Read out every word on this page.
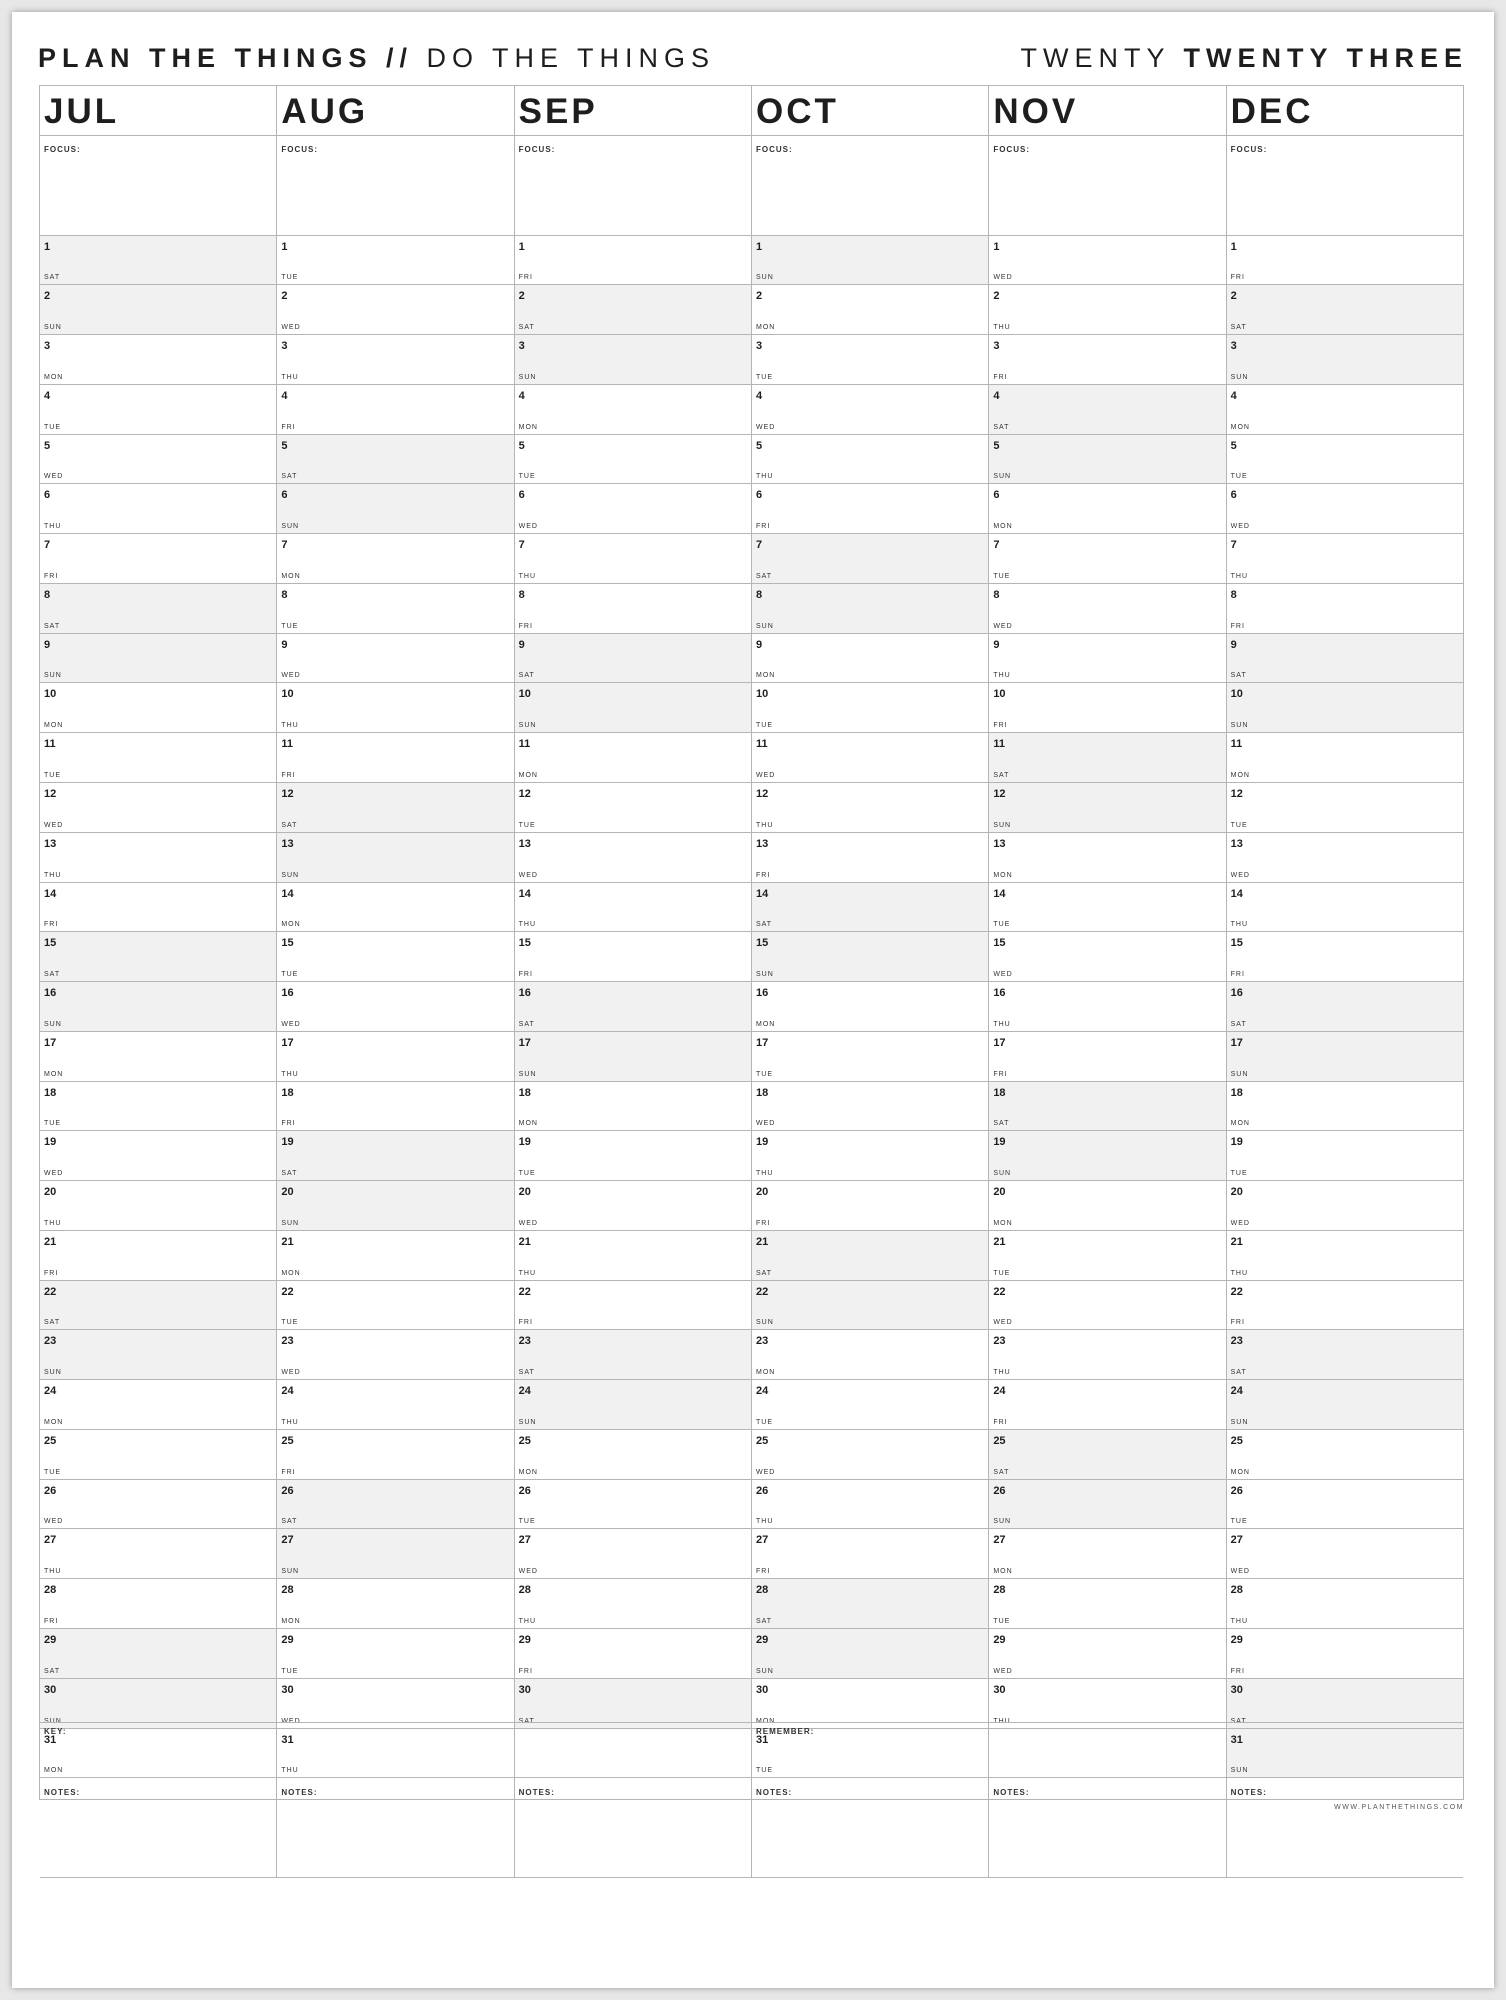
PLAN THE THINGS // DO THE THINGS	TWENTY TWENTY THREE
JUL
FOCUS:
1
SAT
2
SUN
3
MON
4
TUE
5
WED
6
THU
7
FRI
8
SAT
9
SUN
10
MON
11
TUE
12
WED
13
THU
14
FRI
15
SAT
16
SUN
17
MON
18
TUE
19
WED
20
THU
21
FRI
22
SAT
23
SUN
24
MON
25
TUE
26
WED
27
THU
28
FRI
29
SAT
30
SUN
31
MON
NOTES:
AUG
FOCUS:
1
TUE
2
WED
3
THU
4
FRI
5
SAT
6
SUN
7
MON
8
TUE
9
WED
10
THU
11
FRI
12
SAT
13
SUN
14
MON
15
TUE
16
WED
17
THU
18
FRI
19
SAT
20
SUN
21
MON
22
TUE
23
WED
24
THU
25
FRI
26
SAT
27
SUN
28
MON
29
TUE
30
WED
31
THU
NOTES:
SEP
FOCUS:
1
FRI
2
SAT
3
SUN
4
MON
5
TUE
6
WED
7
THU
8
FRI
9
SAT
10
SUN
11
MON
12
TUE
13
WED
14
THU
15
FRI
16
SAT
17
SUN
18
MON
19
TUE
20
WED
21
THU
22
FRI
23
SAT
24
SUN
25
MON
26
TUE
27
WED
28
THU
29
FRI
30
SAT
NOTES:
OCT
FOCUS:
1
SUN
2
MON
3
TUE
4
WED
5
THU
6
FRI
7
SAT
8
SUN
9
MON
10
TUE
11
WED
12
THU
13
FRI
14
SAT
15
SUN
16
MON
17
TUE
18
WED
19
THU
20
FRI
21
SAT
22
SUN
23
MON
24
TUE
25
WED
26
THU
27
FRI
28
SAT
29
SUN
30
MON
31
TUE
NOTES:
NOV
FOCUS:
1
WED
2
THU
3
FRI
4
SAT
5
SUN
6
MON
7
TUE
8
WED
9
THU
10
FRI
11
SAT
12
SUN
13
MON
14
TUE
15
WED
16
THU
17
FRI
18
SAT
19
SUN
20
MON
21
TUE
22
WED
23
THU
24
FRI
25
SAT
26
SUN
27
MON
28
TUE
29
WED
30
THU
NOTES:
DEC
FOCUS:
1
FRI
2
SAT
3
SUN
4
MON
5
TUE
6
WED
7
THU
8
FRI
9
SAT
10
SUN
11
MON
12
TUE
13
WED
14
THU
15
FRI
16
SAT
17
SUN
18
MON
19
TUE
20
WED
21
THU
22
FRI
23
SAT
24
SUN
25
MON
26
TUE
27
WED
28
THU
29
FRI
30
SAT
31
SUN
NOTES:
KEY:	REMEMBER:
WWW.PLANTHETHINGS.COM
